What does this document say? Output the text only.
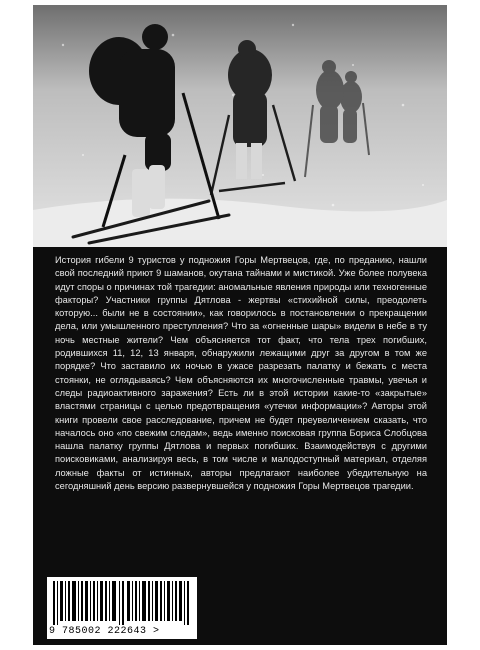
История гибели 9 туристов у подножия Горы Мертвецов, где, по преданию, нашли свой последний приют 9 шаманов, окутана тайнами и мистикой. Уже более полувека идут споры о причинах той трагедии: аномальные явления природы или техногенные факторы? Участники группы Дятлова - жертвы «стихийной силы, преодолеть которую... были не в состоянии», как говорилось в постановлении о прекращении дела, или умышленного преступления? Что за «огненные шары» видели в небе в ту ночь местные жители? Чем объясняется тот факт, что тела трех погибших, родившихся 11, 12, 13 января, обнаружили лежащими друг за другом в том же порядке? Что заставило их ночью в ужасе разрезать палатку и бежать с места стоянки, не оглядываясь? Чем объясняются их многочисленные травмы, увечья и следы радиоактивного заражения? Есть ли в этой истории какие-то «закрытые» властями страницы с целью предотвращения «утечки информации»? Авторы этой книги провели свое расследование, причем не будет преувеличением сказать, что началось оно «по свежим следам», ведь именно поисковая группа Бориса Слобцова нашла палатку группы Дятлова и первых погибших. Взаимодействуя с другими поисковиками, анализируя весь, в том числе и малодоступный материал, отделяя ложные факты от истинных, авторы предлагают наиболее убедительную на сегодняшний день версию развернувшейся у подножия Горы Мертвецов трагедии.

9 785002 222643 >
